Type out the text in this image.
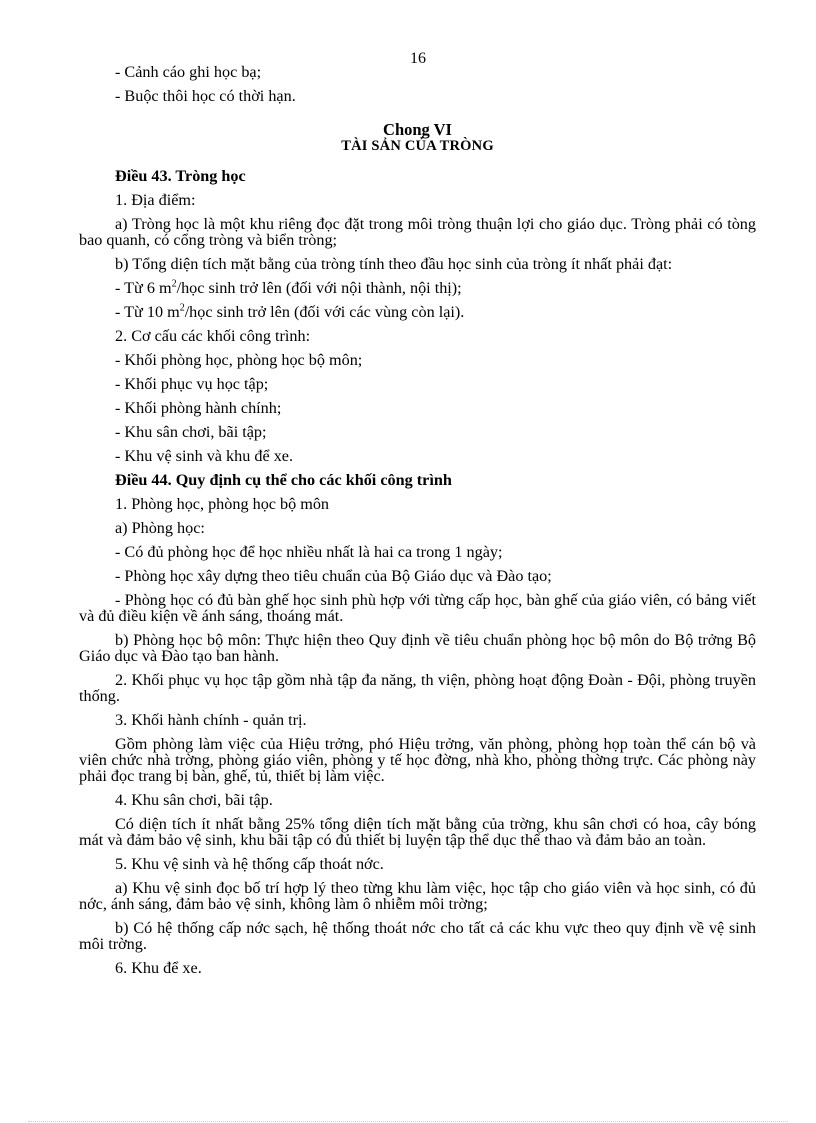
16

- Cảnh cáo ghi học bạ;

- Buộc thôi học có thời hạn.

Chong VI

TÀI SẢN CỦA TRÒNG

Điều 43. Tròng học

1. Địa điểm:

a) Tròng học là một khu riêng đọc đặt trong môi tròng thuận lợi cho giáo dục. Tròng phải có tòng bao quanh, có cổng tròng và biển tròng;

b) Tổng diện tích mặt bằng của tròng tính theo đầu học sinh của tròng ít nhất phải đạt:

- Từ 6 $m^2$/học sinh trở lên (đối với nội thành, nội thị);

- Từ 10 $m^2$/học sinh trở lên (đối với các vùng còn lại).

2. Cơ cấu các khối công trình:

- Khối phòng học, phòng học bộ môn;

- Khối phục vụ học tập;

- Khối phòng hành chính;

- Khu sân chơi, bãi tập;

- Khu vệ sinh và khu để xe.

Điều 44. Quy định cụ thể cho các khối công trình

1. Phòng học, phòng học bộ môn

a) Phòng học:

- Có đủ phòng học để học nhiều nhất là hai ca trong 1 ngày;

- Phòng học xây dựng theo tiêu chuẩn của Bộ Giáo dục và Đào tạo;

- Phòng học có đủ bàn ghế học sinh phù hợp với từng cấp học, bàn ghế của giáo viên, có bảng viết và đủ điều kiện về ánh sáng, thoáng mát.

b) Phòng học bộ môn: Thực hiện theo Quy định về tiêu chuẩn phòng học bộ môn do Bộ trởng Bộ Giáo dục và Đào tạo ban hành.

2. Khối phục vụ học tập gồm nhà tập đa năng, th viện, phòng hoạt động Đoàn - Đội, phòng truyền thống.

3. Khối hành chính - quản trị.

Gồm phòng làm việc của Hiệu trởng, phó Hiệu trởng, văn phòng, phòng họp toàn thể cán bộ và viên chức nhà trờng, phòng giáo viên, phòng y tế học đờng, nhà kho, phòng thờng trực. Các phòng này phải đọc trang bị bàn, ghế, tủ, thiết bị làm việc.

4. Khu sân chơi, bãi tập.

Có diện tích ít nhất bằng 25% tổng diện tích mặt bằng của trờng, khu sân chơi có hoa, cây bóng mát và đảm bảo vệ sinh, khu bãi tập có đủ thiết bị luyện tập thể dục thể thao và đảm bảo an toàn.

5. Khu vệ sinh và hệ thống cấp thoát nớc.

a) Khu vệ sinh đọc bố trí hợp lý theo từng khu làm việc, học tập cho giáo viên và học sinh, có đủ nớc, ánh sáng, đảm bảo vệ sinh, không làm ô nhiễm môi trờng;

b) Có hệ thống cấp nớc sạch, hệ thống thoát nớc cho tất cả các khu vực theo quy định về vệ sinh môi trờng.

6. Khu để xe.
